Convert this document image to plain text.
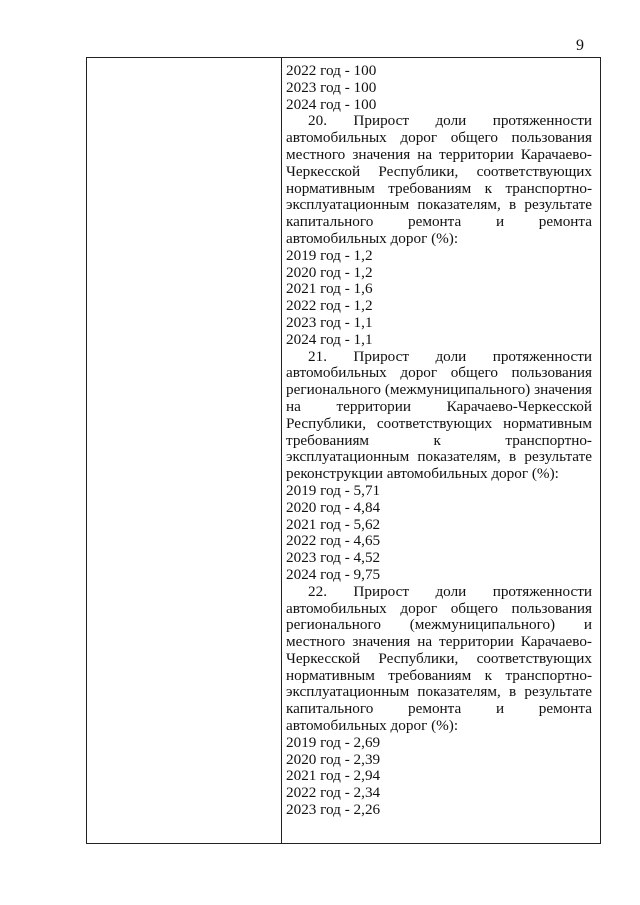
9
2022 год - 100
2023 год - 100
2024 год - 100

20. Прирост доли протяженности автомобильных дорог общего пользования местного значения на территории Карачаево-Черкесской Республики, соответствующих нормативным требованиям к транспортно-эксплуатационным показателям, в результате капитального ремонта и ремонта автомобильных дорог (%):

2019 год - 1,2
2020 год - 1,2
2021 год - 1,6
2022 год - 1,2
2023 год - 1,1
2024 год - 1,1

21. Прирост доли протяженности автомобильных дорог общего пользования регионального (межмуниципального) значения на территории Карачаево-Черкесской Республики, соответствующих нормативным требованиям к транспортно-эксплуатационным показателям, в результате реконструкции автомобильных дорог (%):

2019 год - 5,71
2020 год - 4,84
2021 год - 5,62
2022 год - 4,65
2023 год - 4,52
2024 год - 9,75

22. Прирост доли протяженности автомобильных дорог общего пользования регионального (межмуниципального) и местного значения на территории Карачаево-Черкесской Республики, соответствующих нормативным требованиям к транспортно-эксплуатационным показателям, в результате капитального ремонта и ремонта автомобильных дорог (%):

2019 год - 2,69
2020 год - 2,39
2021 год - 2,94
2022 год - 2,34
2023 год - 2,26
